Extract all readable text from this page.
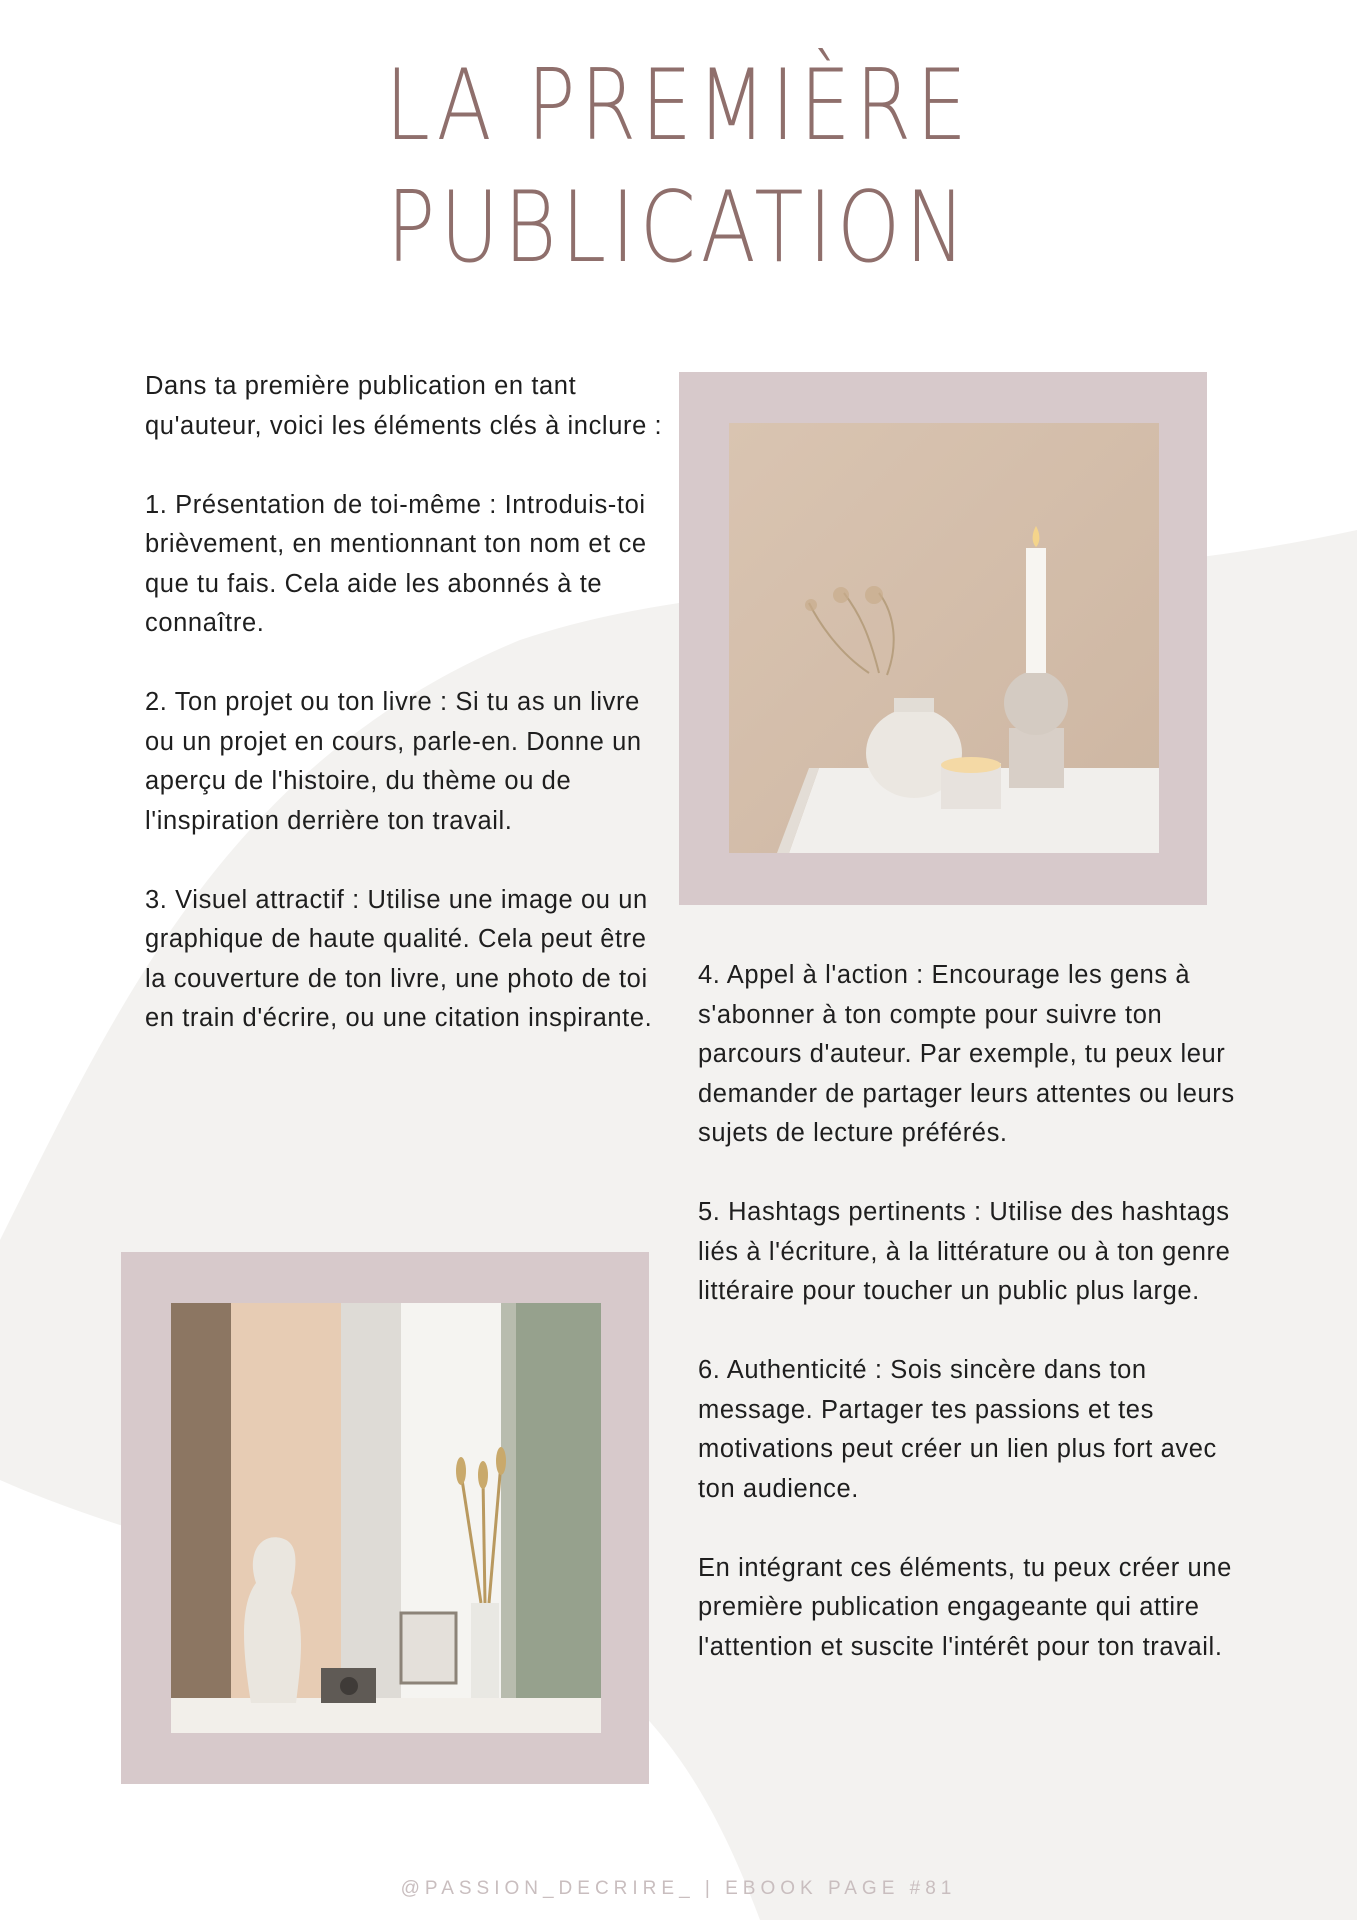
LA PREMIÈRE
PUBLICATION

Dans ta première publication en tant qu'auteur, voici les éléments clés à inclure :

1. Présentation de toi-même : Introduis-toi brièvement, en mentionnant ton nom et ce que tu fais. Cela aide les abonnés à te connaître.

2. Ton projet ou ton livre : Si tu as un livre ou un projet en cours, parle-en. Donne un aperçu de l'histoire, du thème ou de l'inspiration derrière ton travail.

3. Visuel attractif : Utilise une image ou un graphique de haute qualité. Cela peut être la couverture de ton livre, une photo de toi en train d'écrire, ou une citation inspirante.

4. Appel à l'action : Encourage les gens à s'abonner à ton compte pour suivre ton parcours d'auteur. Par exemple, tu peux leur demander de partager leurs attentes ou leurs sujets de lecture préférés.

5. Hashtags pertinents : Utilise des hashtags liés à l'écriture, à la littérature ou à ton genre littéraire pour toucher un public plus large.

6. Authenticité : Sois sincère dans ton message. Partager tes passions et tes motivations peut créer un lien plus fort avec ton audience.

En intégrant ces éléments, tu peux créer une première publication engageante qui attire l'attention et suscite l'intérêt pour ton travail.

@PASSION_DECRIRE_ | EBOOK PAGE #81
